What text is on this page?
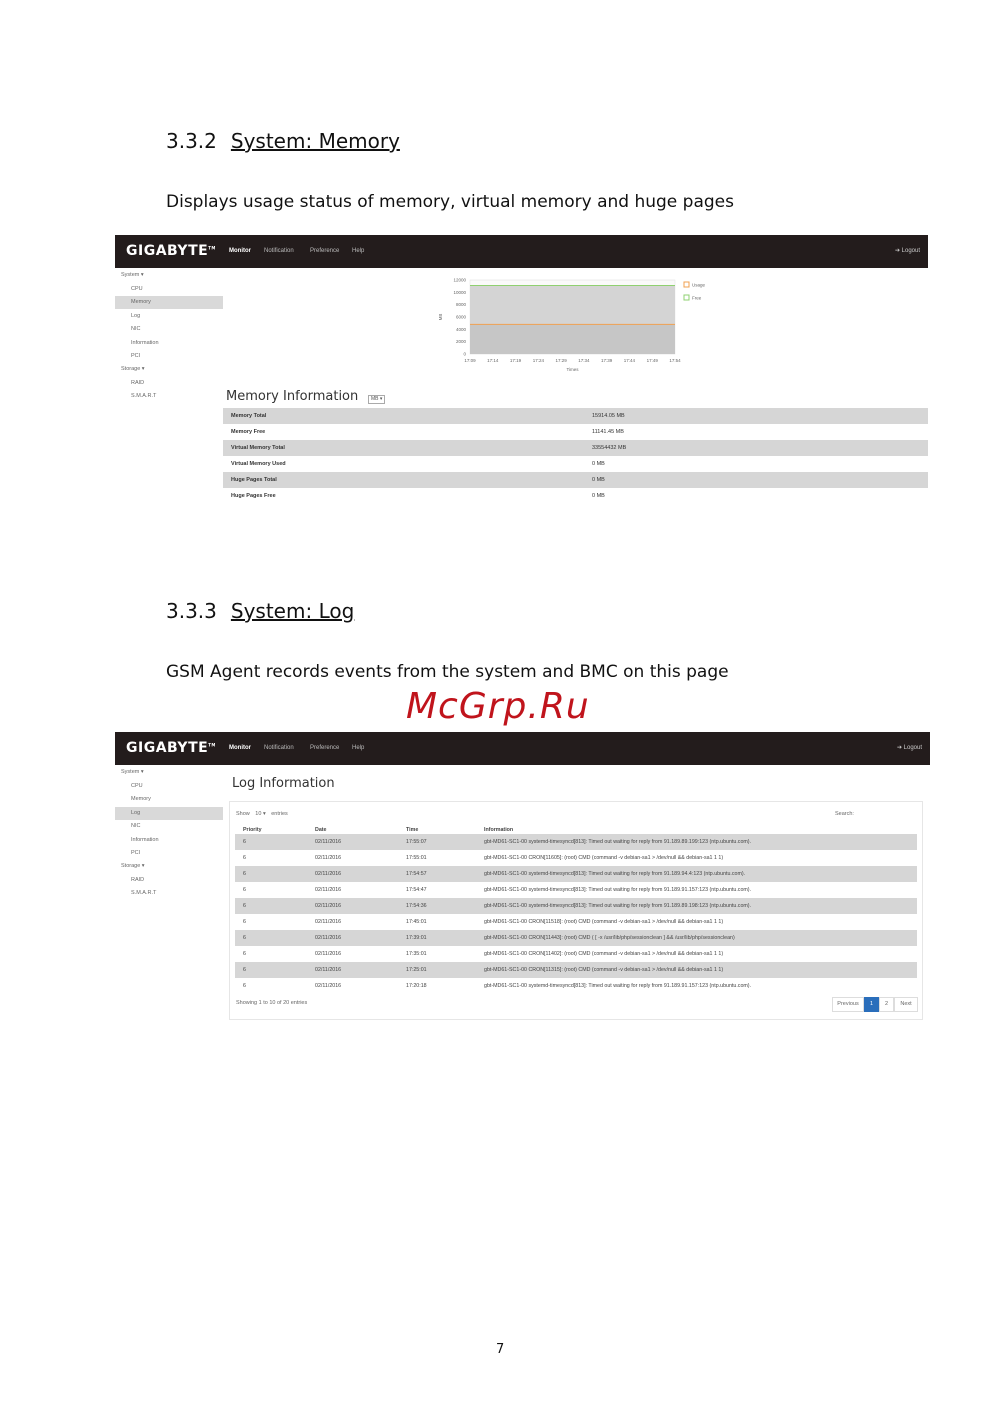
3.3.2 System: Memory
Displays usage status of memory, virtual memory and huge pages
GIGABYTE™
Monitor Notification	Preference Help	➔ Logout
System ▾
CPU
Memory
Log
NIC
Information
PCI
Storage ▾
RAID
S.M.A.R.T
0
2000
4000
6000
8000
10000
12000
17:09	17:14	17:19	17:24	17:29	17:34	17:39	17:44	17:49	17:54
MB
Times
Usage
Free
Memory Information	MB ▾
Memory Total	15914.05 MB
Memory Free	11141.45 MB
Virtual Memory Total	33554432 MB
Virtual Memory Used	0 MB
Huge Pages Total	0 MB
Huge Pages Free	0 MB
3.3.3 System: Log
GSM Agent records events from the system and BMC on this page
McGrp.Ru
GIGABYTE™
Monitor Notification	Preference Help	➔ Logout
System ▾
CPU
Memory
Log
NIC
Information
PCI
Storage ▾
RAID
S.M.A.R.T
Log Information
Show 10 ▾ entries	Search:
Priority	Date	Time	Information
6	02/11/2016	17:55:07	gbt-MD61-SC1-00 systemd-timesyncd[813]: Timed out waiting for reply from 91.189.89.199:123 (ntp.ubuntu.com).
6	02/11/2016	17:55:01	gbt-MD61-SC1-00 CRON[11605]: (root) CMD (command -v debian-sa1 > /dev/null && debian-sa1 1 1)
6	02/11/2016	17:54:57	gbt-MD61-SC1-00 systemd-timesyncd[813]: Timed out waiting for reply from 91.189.94.4:123 (ntp.ubuntu.com).
6	02/11/2016	17:54:47	gbt-MD61-SC1-00 systemd-timesyncd[813]: Timed out waiting for reply from 91.189.91.157:123 (ntp.ubuntu.com).
6	02/11/2016	17:54:36	gbt-MD61-SC1-00 systemd-timesyncd[813]: Timed out waiting for reply from 91.189.89.198:123 (ntp.ubuntu.com).
6	02/11/2016	17:45:01	gbt-MD61-SC1-00 CRON[11518]: (root) CMD (command -v debian-sa1 > /dev/null && debian-sa1 1 1)
6	02/11/2016	17:39:01	gbt-MD61-SC1-00 CRON[11443]: (root) CMD ( [ -x /usr/lib/php/sessionclean ] && /usr/lib/php/sessionclean)
6	02/11/2016	17:35:01	gbt-MD61-SC1-00 CRON[11402]: (root) CMD (command -v debian-sa1 > /dev/null && debian-sa1 1 1)
6	02/11/2016	17:25:01	gbt-MD61-SC1-00 CRON[11315]: (root) CMD (command -v debian-sa1 > /dev/null && debian-sa1 1 1)
6	02/11/2016	17:20:18	gbt-MD61-SC1-00 systemd-timesyncd[813]: Timed out waiting for reply from 91.189.91.157:123 (ntp.ubuntu.com).
Showing 1 to 10 of 20 entries	Previous	1	2	Next
7
